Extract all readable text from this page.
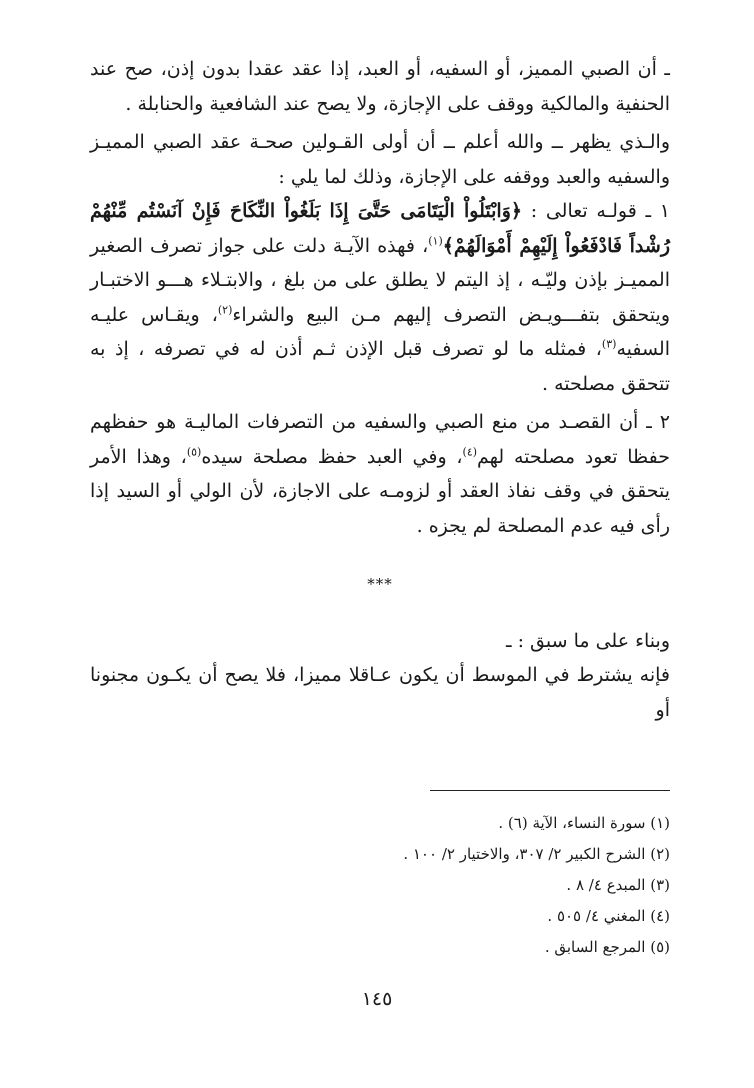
ـ أن الصبي المميز، أو السفيه، أو العبد، إذا عقد عقدا بدون إذن، صح عند الحنفية والمالكية ووقف على الإجازة، ولا يصح عند الشافعية والحنابلة .

والـذي يظهر ــ والله أعلم ــ أن أولى القـولين صحـة عقد الصبي المميـز والسفيه والعبد ووقفه على الإجازة، وذلك لما يلي :

١ ـ قولـه تعالى : ﴿وَابْتَلُواْ الْيَتَامَى حَتَّىَ إِذَا بَلَغُواْ النِّكَاحَ فَإِنْ آنَسْتُم مِّنْهُمْ رُشْداً فَادْفَعُواْ إِلَيْهِمْ أَمْوَالَهُمْ﴾$^{(١)}$، فهذه الآيـة دلت على جواز تصرف الصغير المميـز بإذن وليّـه ، إذ اليتم لا يطلق على من بلغ ، والابتـلاء هـــو الاختبـار ويتحقق بتفـــويـض التصرف إليهم مـن البيع والشراء$^{(٢)}$، ويقـاس عليـه السفيه$^{(٣)}$، فمثله ما لو تصرف قبل الإذن ثـم أذن له في تصرفه ، إذ به تتحقق مصلحته .

٢ ـ أن القصـد من منع الصبي والسفيه من التصرفات الماليـة هو حفظهم حفظا تعود مصلحته لهم$^{(٤)}$، وفي العبد حفظ مصلحة سيده$^{(٥)}$، وهذا الأمر يتحقق في وقف نفاذ العقد أو لزومـه على الاجازة، لأن الولي أو السيد إذا رأى فيه عدم المصلحة لم يجزه .

***

وبناء على ما سبق : ـ

فإنه يشترط في الموسط أن يكون عـاقلا مميزا، فلا يصح أن يكـون مجنونا أو

(١) سورة النساء، الآية (٦) .

(٢) الشرح الكبير ٢/ ٣٠٧، والاختيار ٢/ ١٠٠ .

(٣) المبدع ٤/ ٨ .

(٤) المغني ٤/ ٥٠٥ .

(٥) المرجع السابق .

١٤٥
